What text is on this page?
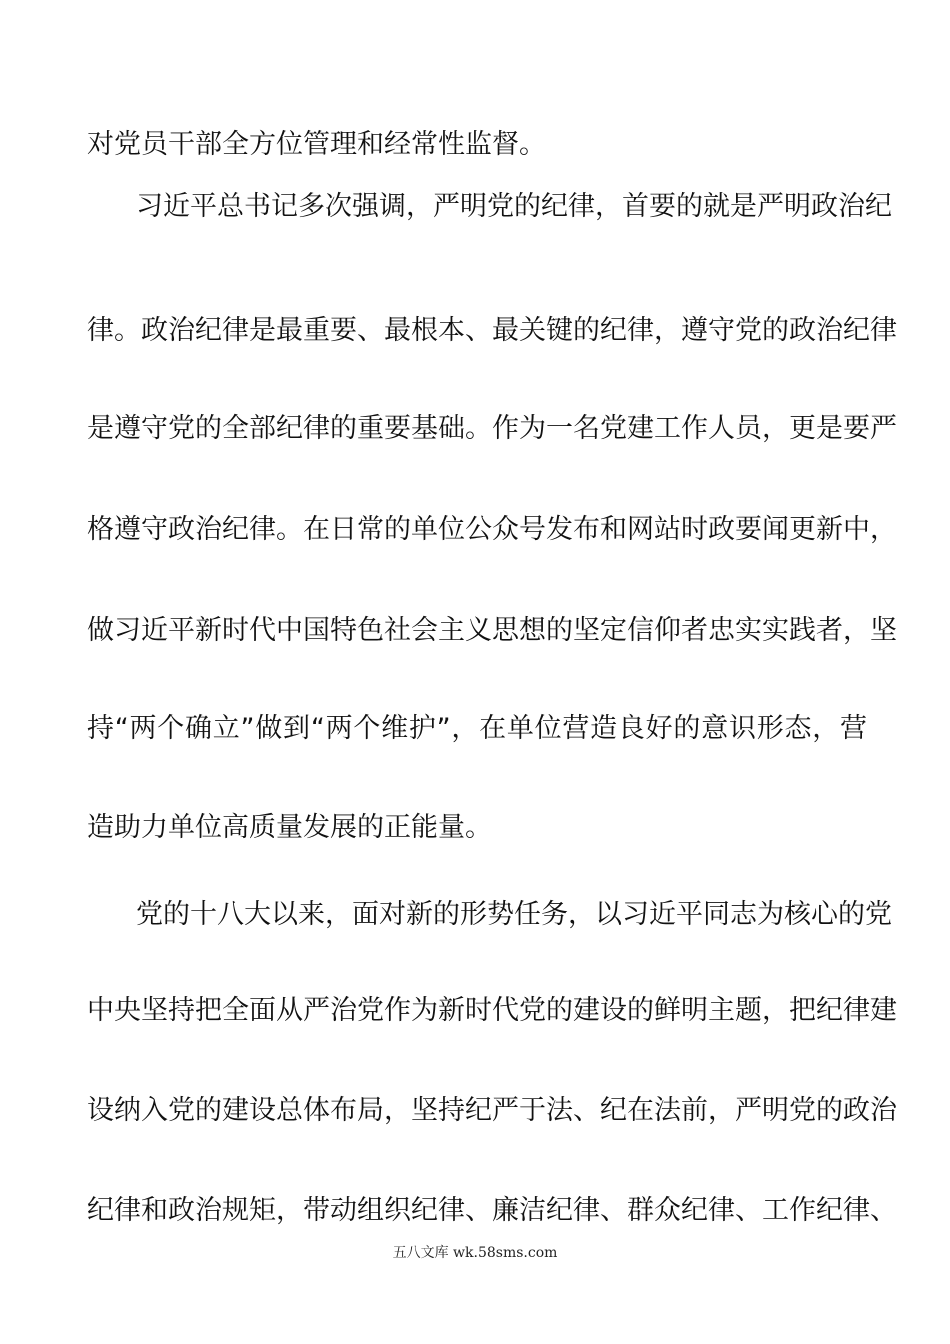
对党员干部全方位管理和经常性监督。
习近平总书记多次强调，严明党的纪律，首要的就是严明政治纪
律。政治纪律是最重要、最根本、最关键的纪律，遵守党的政治纪律
是遵守党的全部纪律的重要基础。作为一名党建工作人员，更是要严
格遵守政治纪律。在日常的单位公众号发布和网站时政要闻更新中，
做习近平新时代中国特色社会主义思想的坚定信仰者忠实实践者，坚
持“两个确立”做到“两个维护”，在单位营造良好的意识形态，营
造助力单位高质量发展的正能量。
党的十八大以来，面对新的形势任务，以习近平同志为核心的党
中央坚持把全面从严治党作为新时代党的建设的鲜明主题，把纪律建
设纳入党的建设总体布局，坚持纪严于法、纪在法前，严明党的政治
纪律和政治规矩，带动组织纪律、廉洁纪律、群众纪律、工作纪律、
五八文库 wk.58sms.com
